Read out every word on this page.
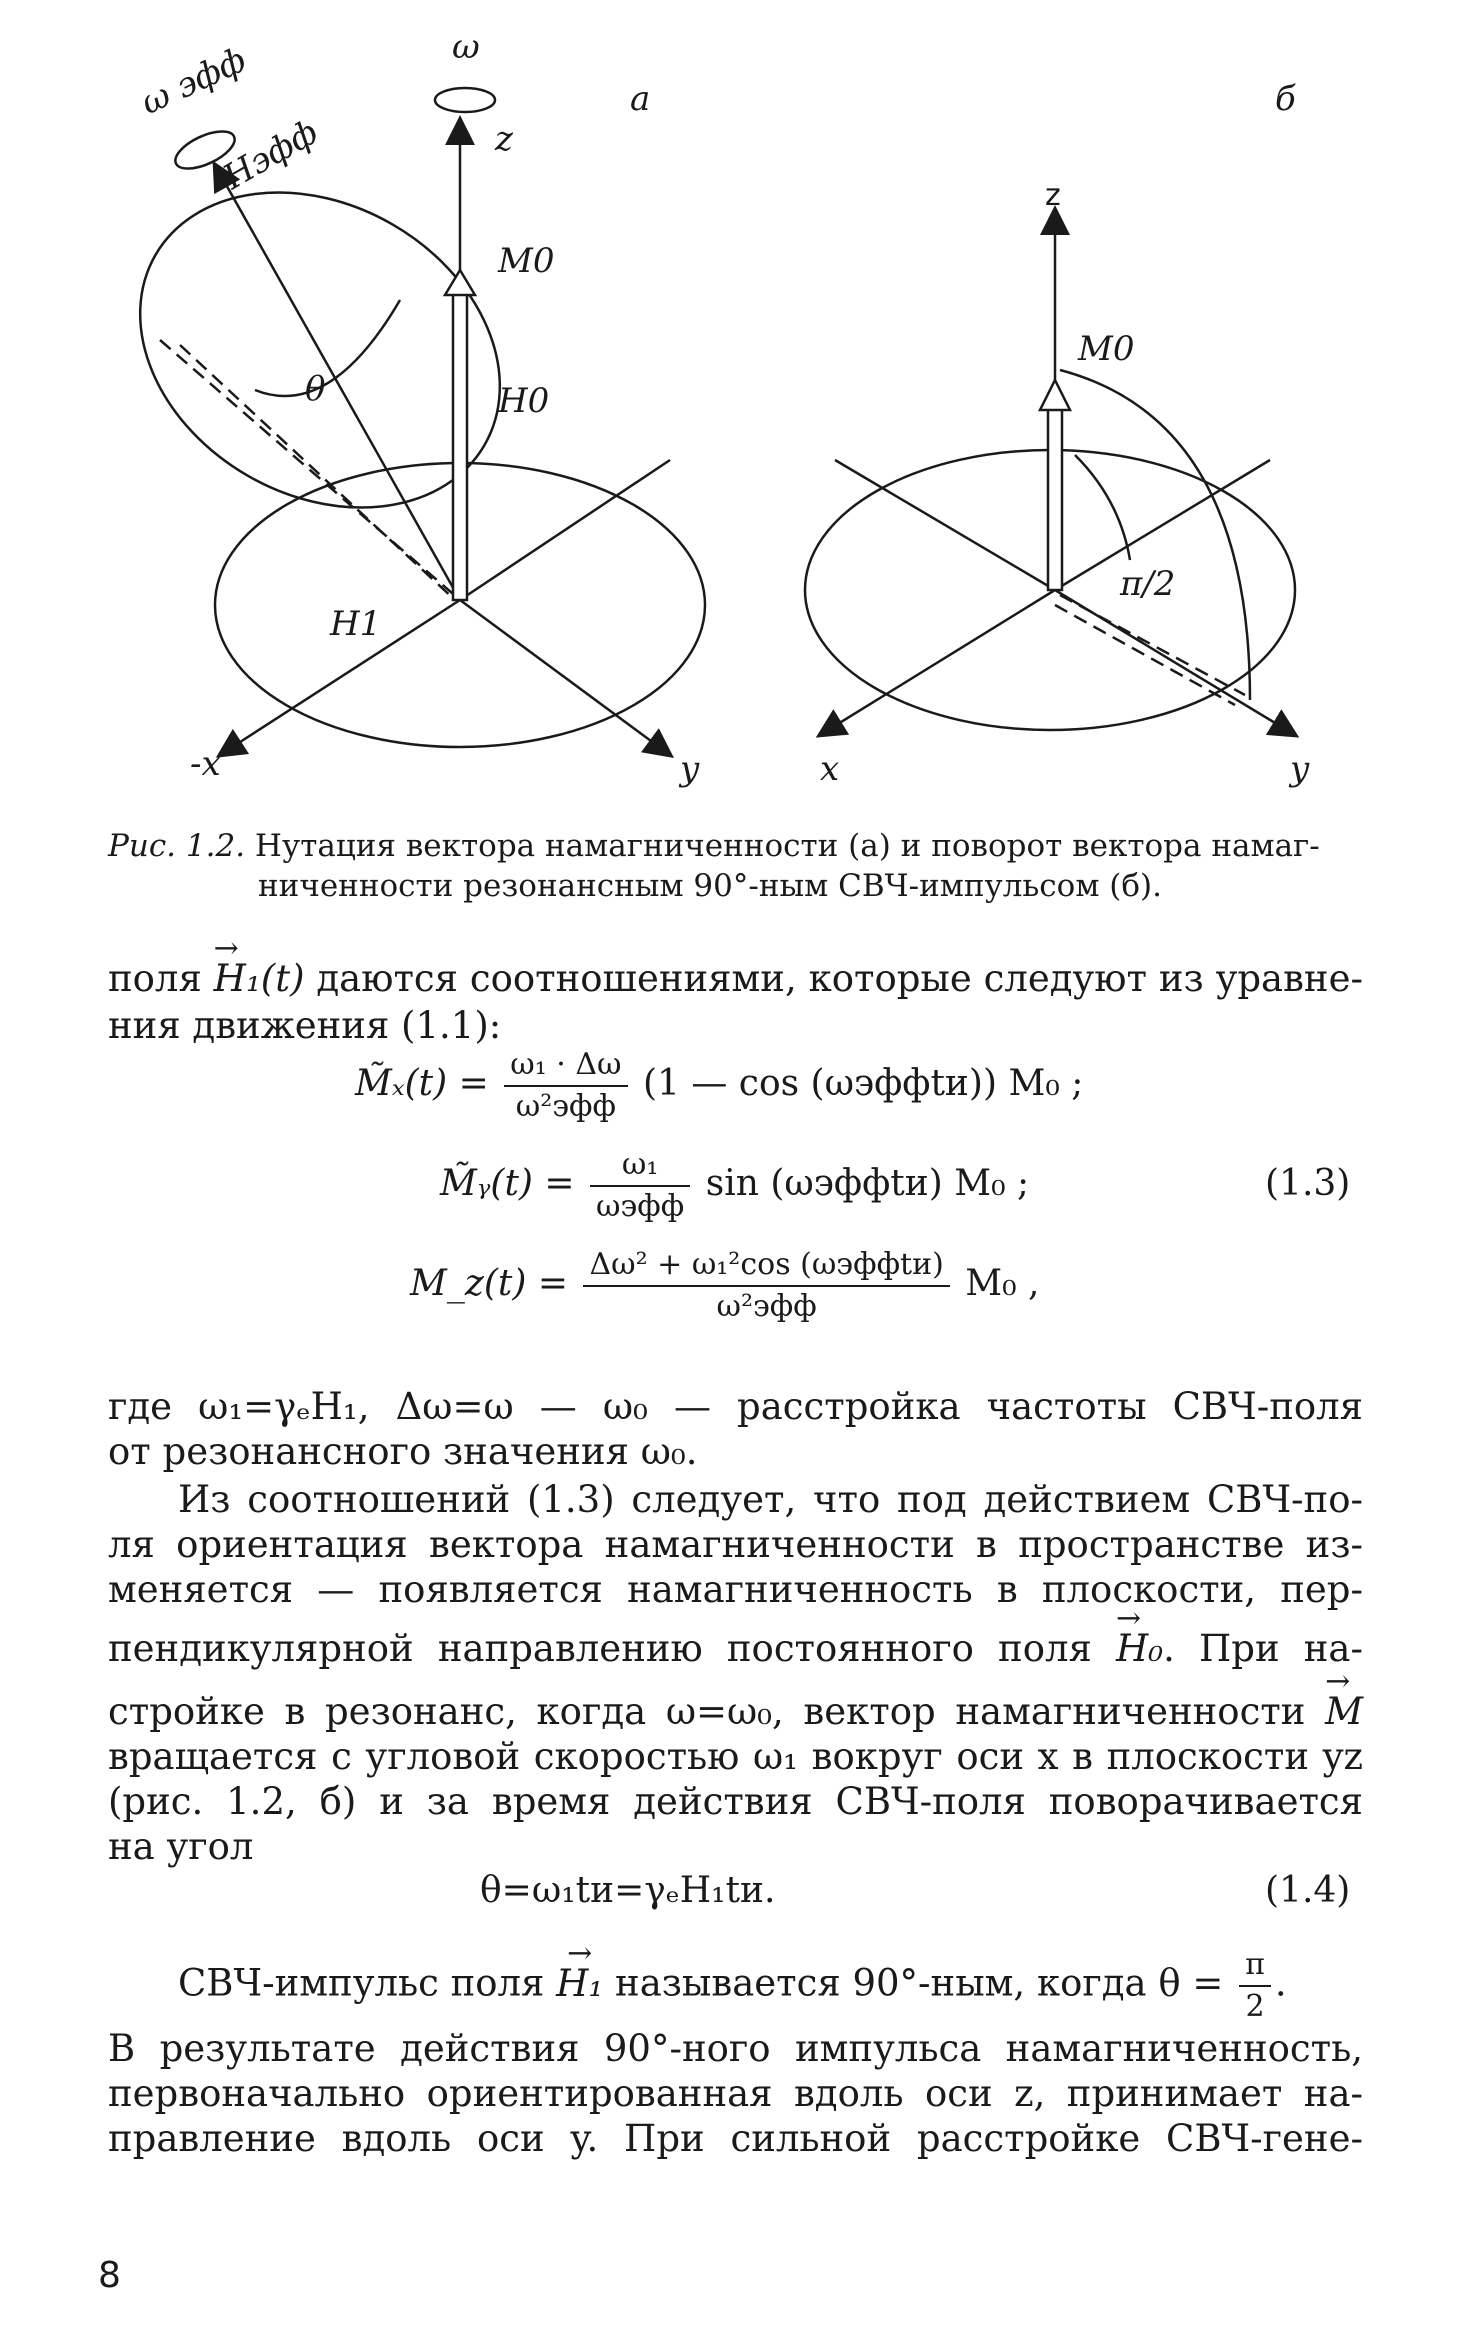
ω
а
ω эфф
Hэфф	z
M0
H0
θ
H1
-x	y
б
z
M0
π/2
x	y
Рис. 1.2. Нутация вектора намагниченности (а) и поворот вектора намаг-
ниченности резонансным 90°-ным СВЧ-импульсом (б).
поля → H₁(t) даются соотношениями, которые следуют из уравне-
ния движения (1.1):
M̃ₓ(t) = $\frac{\text{ω₁ · Δω}}{\text{ω²эфф}} (1$ — cos (ωэффtи)) M₀ ;
M̃ᵧ(t) = $\frac{\text{ω₁}}{\text{ωэфф}}$ sin (ωэффtи) M₀ ;	(1.3)
M_z(t) = $\frac{\text{Δω² + ω₁²cos (ωэффtи)}}{\text{ω²эфф}} M_0$ ,
где ω₁=γₑH₁, Δω=ω — ω₀ — расстройка частоты СВЧ-поля
от резонансного значения ω₀.
Из соотношений (1.3) следует, что под действием СВЧ-по-
ля ориентация вектора намагниченности в пространстве из-
меняется — появляется намагниченность в плоскости, пер-
пендикулярной направлению постоянного поля → H₀. При на-
стройке в резонанс, когда ω=ω₀, вектор намагниченности → M
вращается с угловой скоростью ω₁ вокруг оси x в плоскости yz
(рис. 1.2, б) и за время действия СВЧ-поля поворачивается
на угол
θ=ω₁tи=γₑH₁tи.	(1.4)
СВЧ-импульс поля → H₁ называется 90°-ным, когда $\theta = \frac{\pi}{2}$ .
В результате действия 90°-ного импульса намагниченность,
первоначально ориентированная вдоль оси z, принимает на-
правление вдоль оси y. При сильной расстройке СВЧ-гене-
8
